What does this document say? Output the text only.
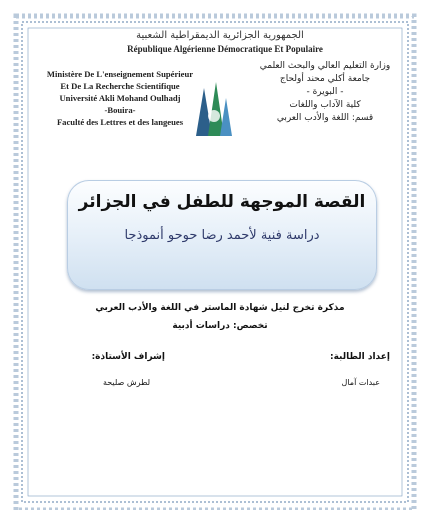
الجمهورية الجزائرية الديمقراطية الشعبية
République Algérienne Démocratique Et Populaire
Ministère De L'enseignement Supérieur
Et De La Recherche Scientifique
Université Akli Mohand Oulhadj
-Bouira-
Faculté des Lettres et des langeues
وزارة التعليم العالي والبحث العلمي
جامعة أكلي محند أولحاج
- البويرة -
كلية الآداب واللغات
قسم: اللغة والأدب العربي
القصة الموجهة للطفل في الجزائر
دراسة فنية لأحمد رضا حوحو أنموذجا
مذكرة تخرج لنيل شهادة الماستر في اللغة والأدب العربي
تخصص: دراسات أدبية
إعداد الطالبة:
إشراف الأستاذة:
عبدات آمال
لطرش صليحة
